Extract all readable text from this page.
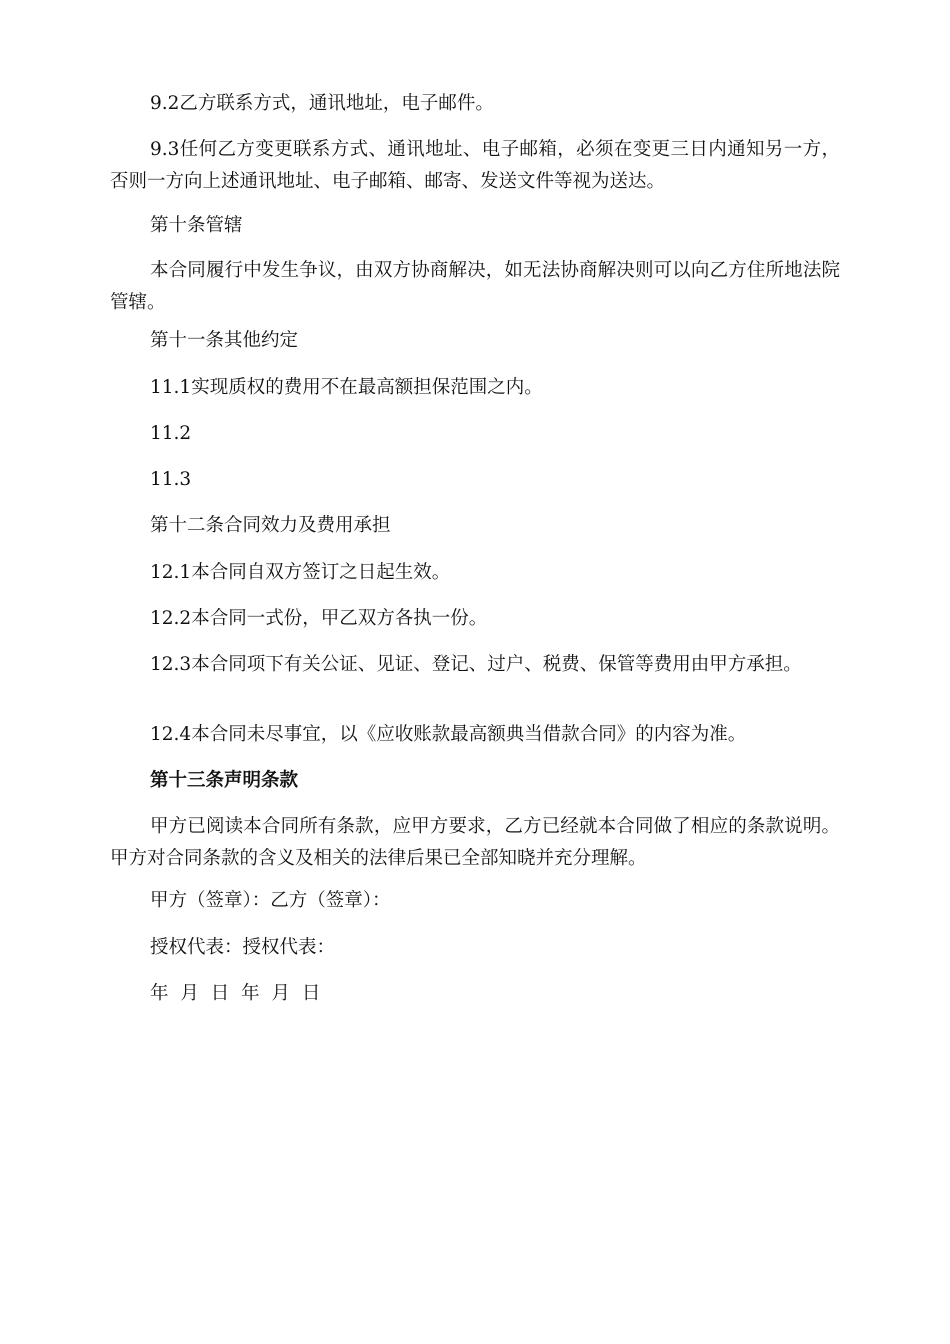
9.2乙方联系方式，通讯地址，电子邮件。

9.3任何乙方变更联系方式、通讯地址、电子邮箱，必须在变更三日内通知另一方，否则一方向上述通讯地址、电子邮箱、邮寄、发送文件等视为送达。

第十条管辖

本合同履行中发生争议，由双方协商解决，如无法协商解决则可以向乙方住所地法院管辖。

第十一条其他约定

11.1实现质权的费用不在最高额担保范围之内。

11.2

11.3

第十二条合同效力及费用承担

12.1本合同自双方签订之日起生效。

12.2本合同一式份，甲乙双方各执一份。

12.3本合同项下有关公证、见证、登记、过户、税费、保管等费用由甲方承担。

12.4本合同未尽事宜，以《应收账款最高额典当借款合同》的内容为准。

第十三条声明条款

甲方已阅读本合同所有条款，应甲方要求，乙方已经就本合同做了相应的条款说明。甲方对合同条款的含义及相关的法律后果已全部知晓并充分理解。

甲方（签章）：乙方（签章）：

授权代表：授权代表：

年 月 日 年 月 日
